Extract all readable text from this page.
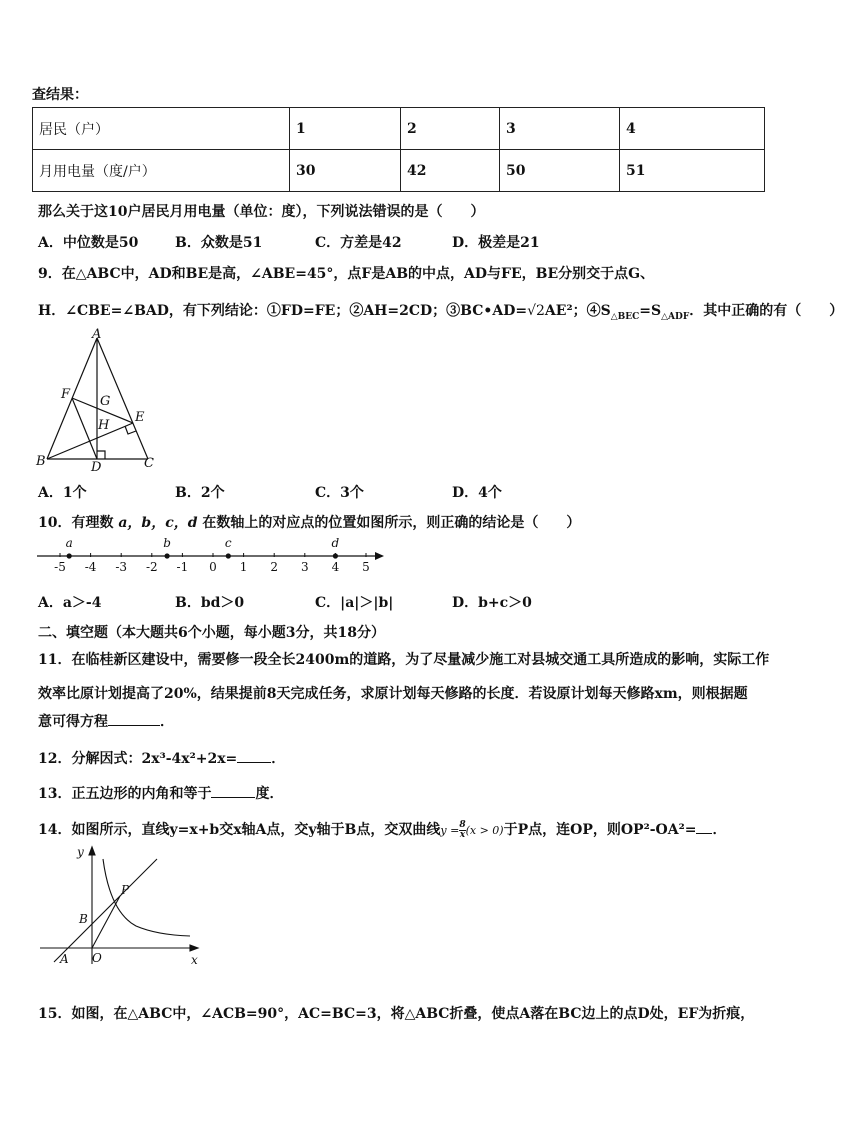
查结果：
居民（户）	1	2	3	4
月用电量（度/户）	30	42	50	51
那么关于这10户居民月用电量（单位：度），下列说法错误的是（　　）
A．中位数是50	B．众数是51	C．方差是42	D．极差是21
9．在△ABC中，AD和BE是高，∠ABE=45°，点F是AB的中点，AD与FE，BE分别交于点G、
H．∠CBE=∠BAD，有下列结论：①FD=FE；②AH=2CD；③BC•AD=√2AE²；$④S_{\triangle BEC}=S_{\triangle ADF}$．其中正确的有（　　）
A
B	C
D
E
F G
H
A．1个	B．2个	C．3个	D．4个
10．有理数 a，b，c，d 在数轴上的对应点的位置如图所示，则正确的结论是（　　）
-5 -4 -3 -2 -1 0 1 2 3 4 5
a	b	c	d
A．a＞-4	B．bd＞0	C．|a|＞|b|	D．b+c＞0
二、填空题（本大题共6个小题，每小题3分，共18分）
11．在临桂新区建设中，需要修一段全长2400m的道路，为了尽量减少施工对县城交通工具所造成的影响，实际工作
效率比原计划提高了20%，结果提前8天完成任务，求原计划每天修路的长度．若设原计划每天修路xm，则根据题
意可得方程	．
12．分解因式：2x³-4x²+2x= ．
13．正五边形的内角和等于	度．
14．如图所示，直线y=x+b交x轴A点，交y轴于B点，交双曲线$y = \frac{8}{x} (x > 0)$于P点，连OP，则OP²-OA²= ．
y
x
O
A
B
P
15．如图，在△ABC中，∠ACB=90°，AC=BC=3，将△ABC折叠，使点A落在BC边上的点D处，EF为折痕，
